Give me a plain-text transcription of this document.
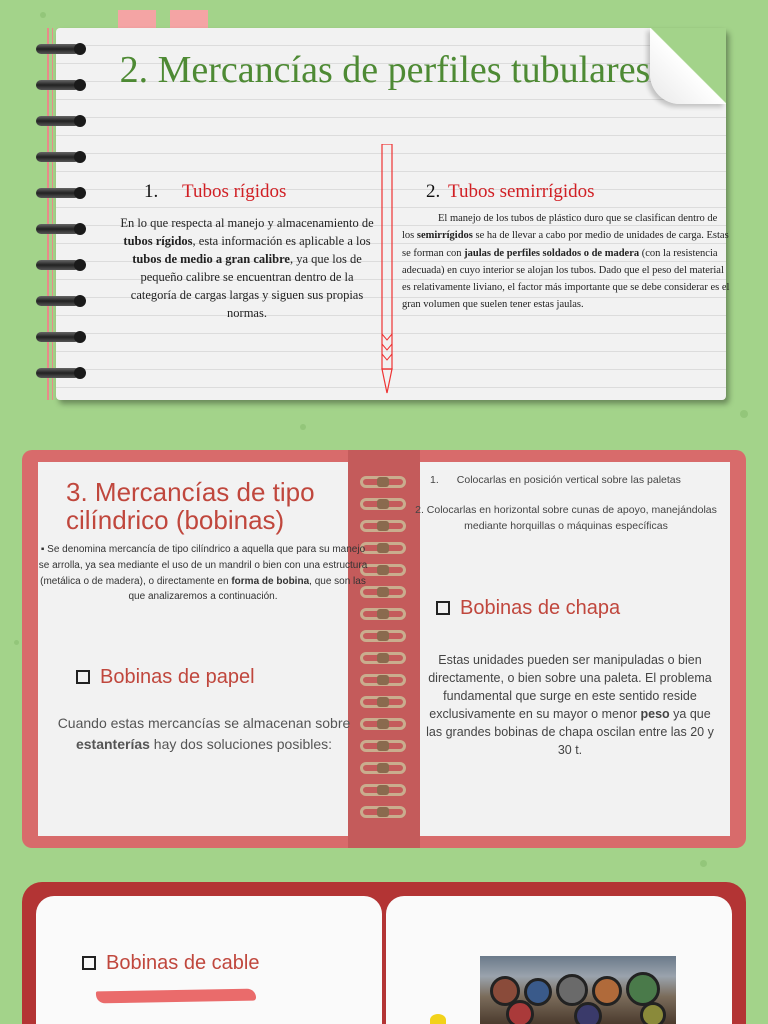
2. Mercancías de perfiles tubulares
1. Tubos rígidos	2. Tubos semirrígidos
En lo que respecta al manejo y almacenamiento de tubos rígidos, esta información es aplicable a los tubos de medio a gran calibre, ya que los de pequeño calibre se encuentran dentro de la categoría de cargas largas y siguen sus propias normas.
El manejo de los tubos de plástico duro que se clasifican dentro de los semirrígidos se ha de llevar a cabo por medio de unidades de carga. Estas se forman con jaulas de perfiles soldados o de madera (con la resistencia adecuada) en cuyo interior se alojan los tubos. Dado que el peso del material es relativamente liviano, el factor más importante que se debe considerar es el gran volumen que suelen tener estas jaulas.
3. Mercancías de tipo cilíndrico (bobinas)
▪ Se denomina mercancía de tipo cilíndrico a aquella que para su manejo se arrolla, ya sea mediante el uso de un mandril o bien con una estructura (metálica o de madera), o directamente en forma de bobina, que son las que analizaremos a continuación.
Bobinas de papel
Cuando estas mercancías se almacenan sobre estanterías hay dos soluciones posibles:
1. Colocarlas en posición vertical sobre las paletas
2. Colocarlas en horizontal sobre cunas de apoyo, manejándolas mediante horquillas o máquinas específicas
Bobinas de chapa
Estas unidades pueden ser manipuladas o bien directamente, o bien sobre una paleta. El problema fundamental que surge en este sentido reside exclusivamente en su mayor o menor peso ya que las grandes bobinas de chapa oscilan entre las 20 y 30 t.
Bobinas de cable
